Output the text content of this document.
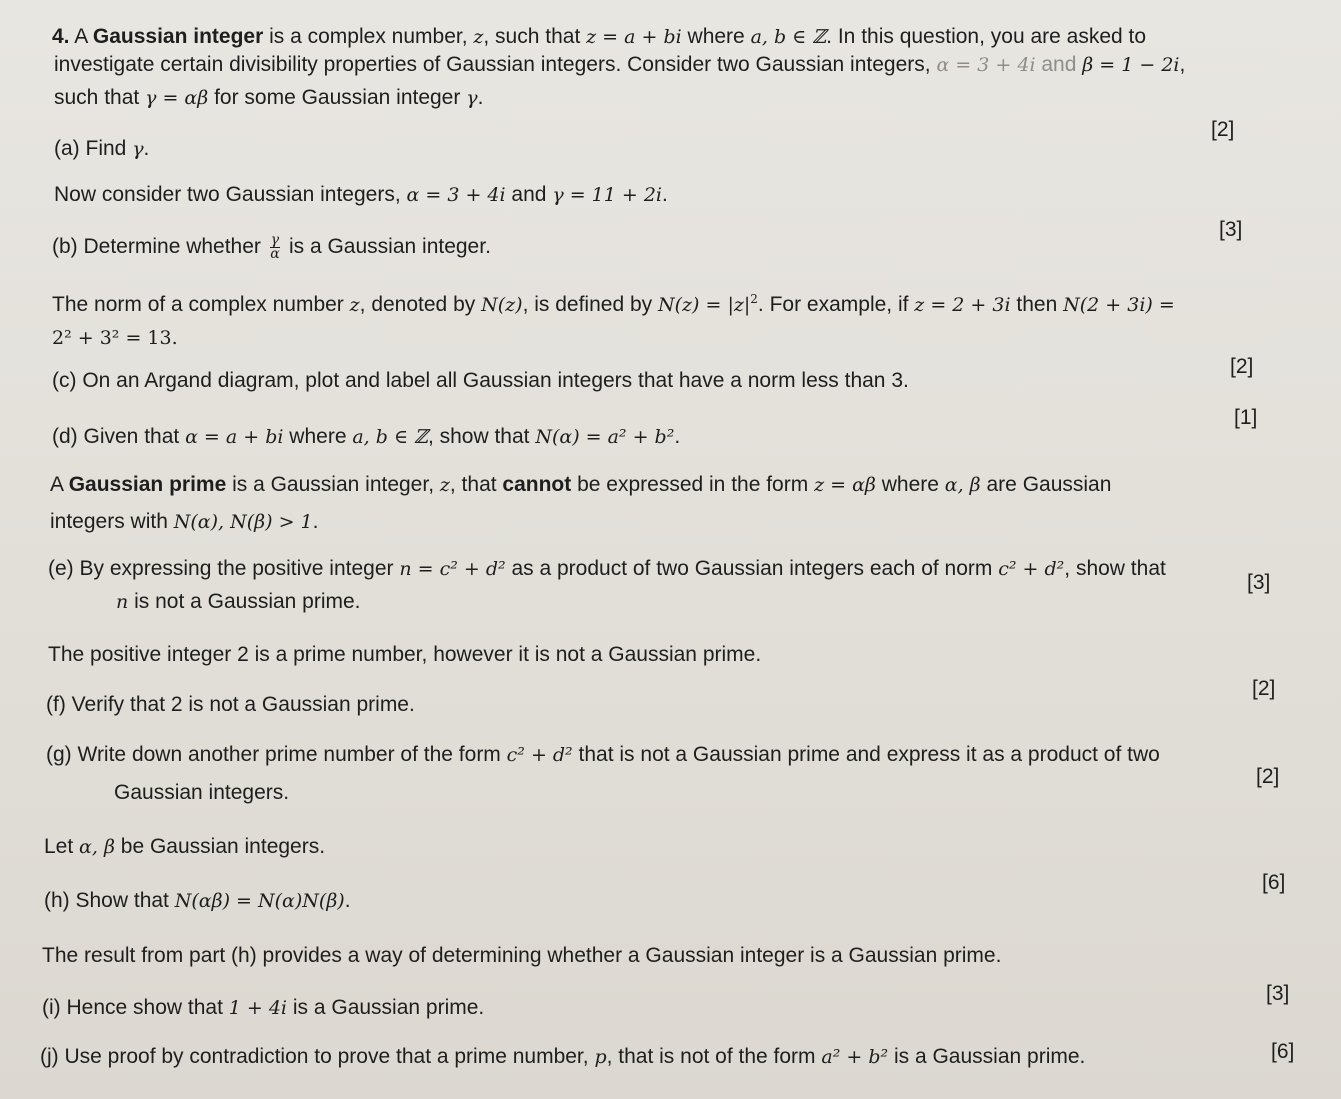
4. A Gaussian integer is a complex number, z, such that z = a + bi where a, b ∈ ℤ. In this question, you are asked to
investigate certain divisibility properties of Gaussian integers. Consider two Gaussian integers, α = 3 + 4i and β = 1 − 2i,
such that γ = αβ for some Gaussian integer γ.
(a) Find γ.
[2]
Now consider two Gaussian integers, α = 3 + 4i and γ = 11 + 2i.
(b) Determine whether $\frac{\gamma}{\alpha}$ is a Gaussian integer.
[3]
The norm of a complex number z, denoted by N(z), is defined by $N(z) = |z|^2$. For example, if z = 2 + 3i then N(2 + 3i) =
2² + 3² = 13.
(c) On an Argand diagram, plot and label all Gaussian integers that have a norm less than 3.
[2]
(d) Given that α = a + bi where a, b ∈ ℤ, show that N(α) = a² + b².
[1]
A Gaussian prime is a Gaussian integer, z, that cannot be expressed in the form z = αβ where α, β are Gaussian
integers with N(α), N(β) > 1.
(e) By expressing the positive integer n = c² + d² as a product of two Gaussian integers each of norm c² + d², show that
n is not a Gaussian prime.
[3]
The positive integer 2 is a prime number, however it is not a Gaussian prime.
(f) Verify that 2 is not a Gaussian prime.
[2]
(g) Write down another prime number of the form c² + d² that is not a Gaussian prime and express it as a product of two
Gaussian integers.
[2]
Let α, β be Gaussian integers.
(h) Show that N(αβ) = N(α)N(β).
[6]
The result from part (h) provides a way of determining whether a Gaussian integer is a Gaussian prime.
(i) Hence show that 1 + 4i is a Gaussian prime.
[3]
(j) Use proof by contradiction to prove that a prime number, p, that is not of the form a² + b² is a Gaussian prime.	[6]
